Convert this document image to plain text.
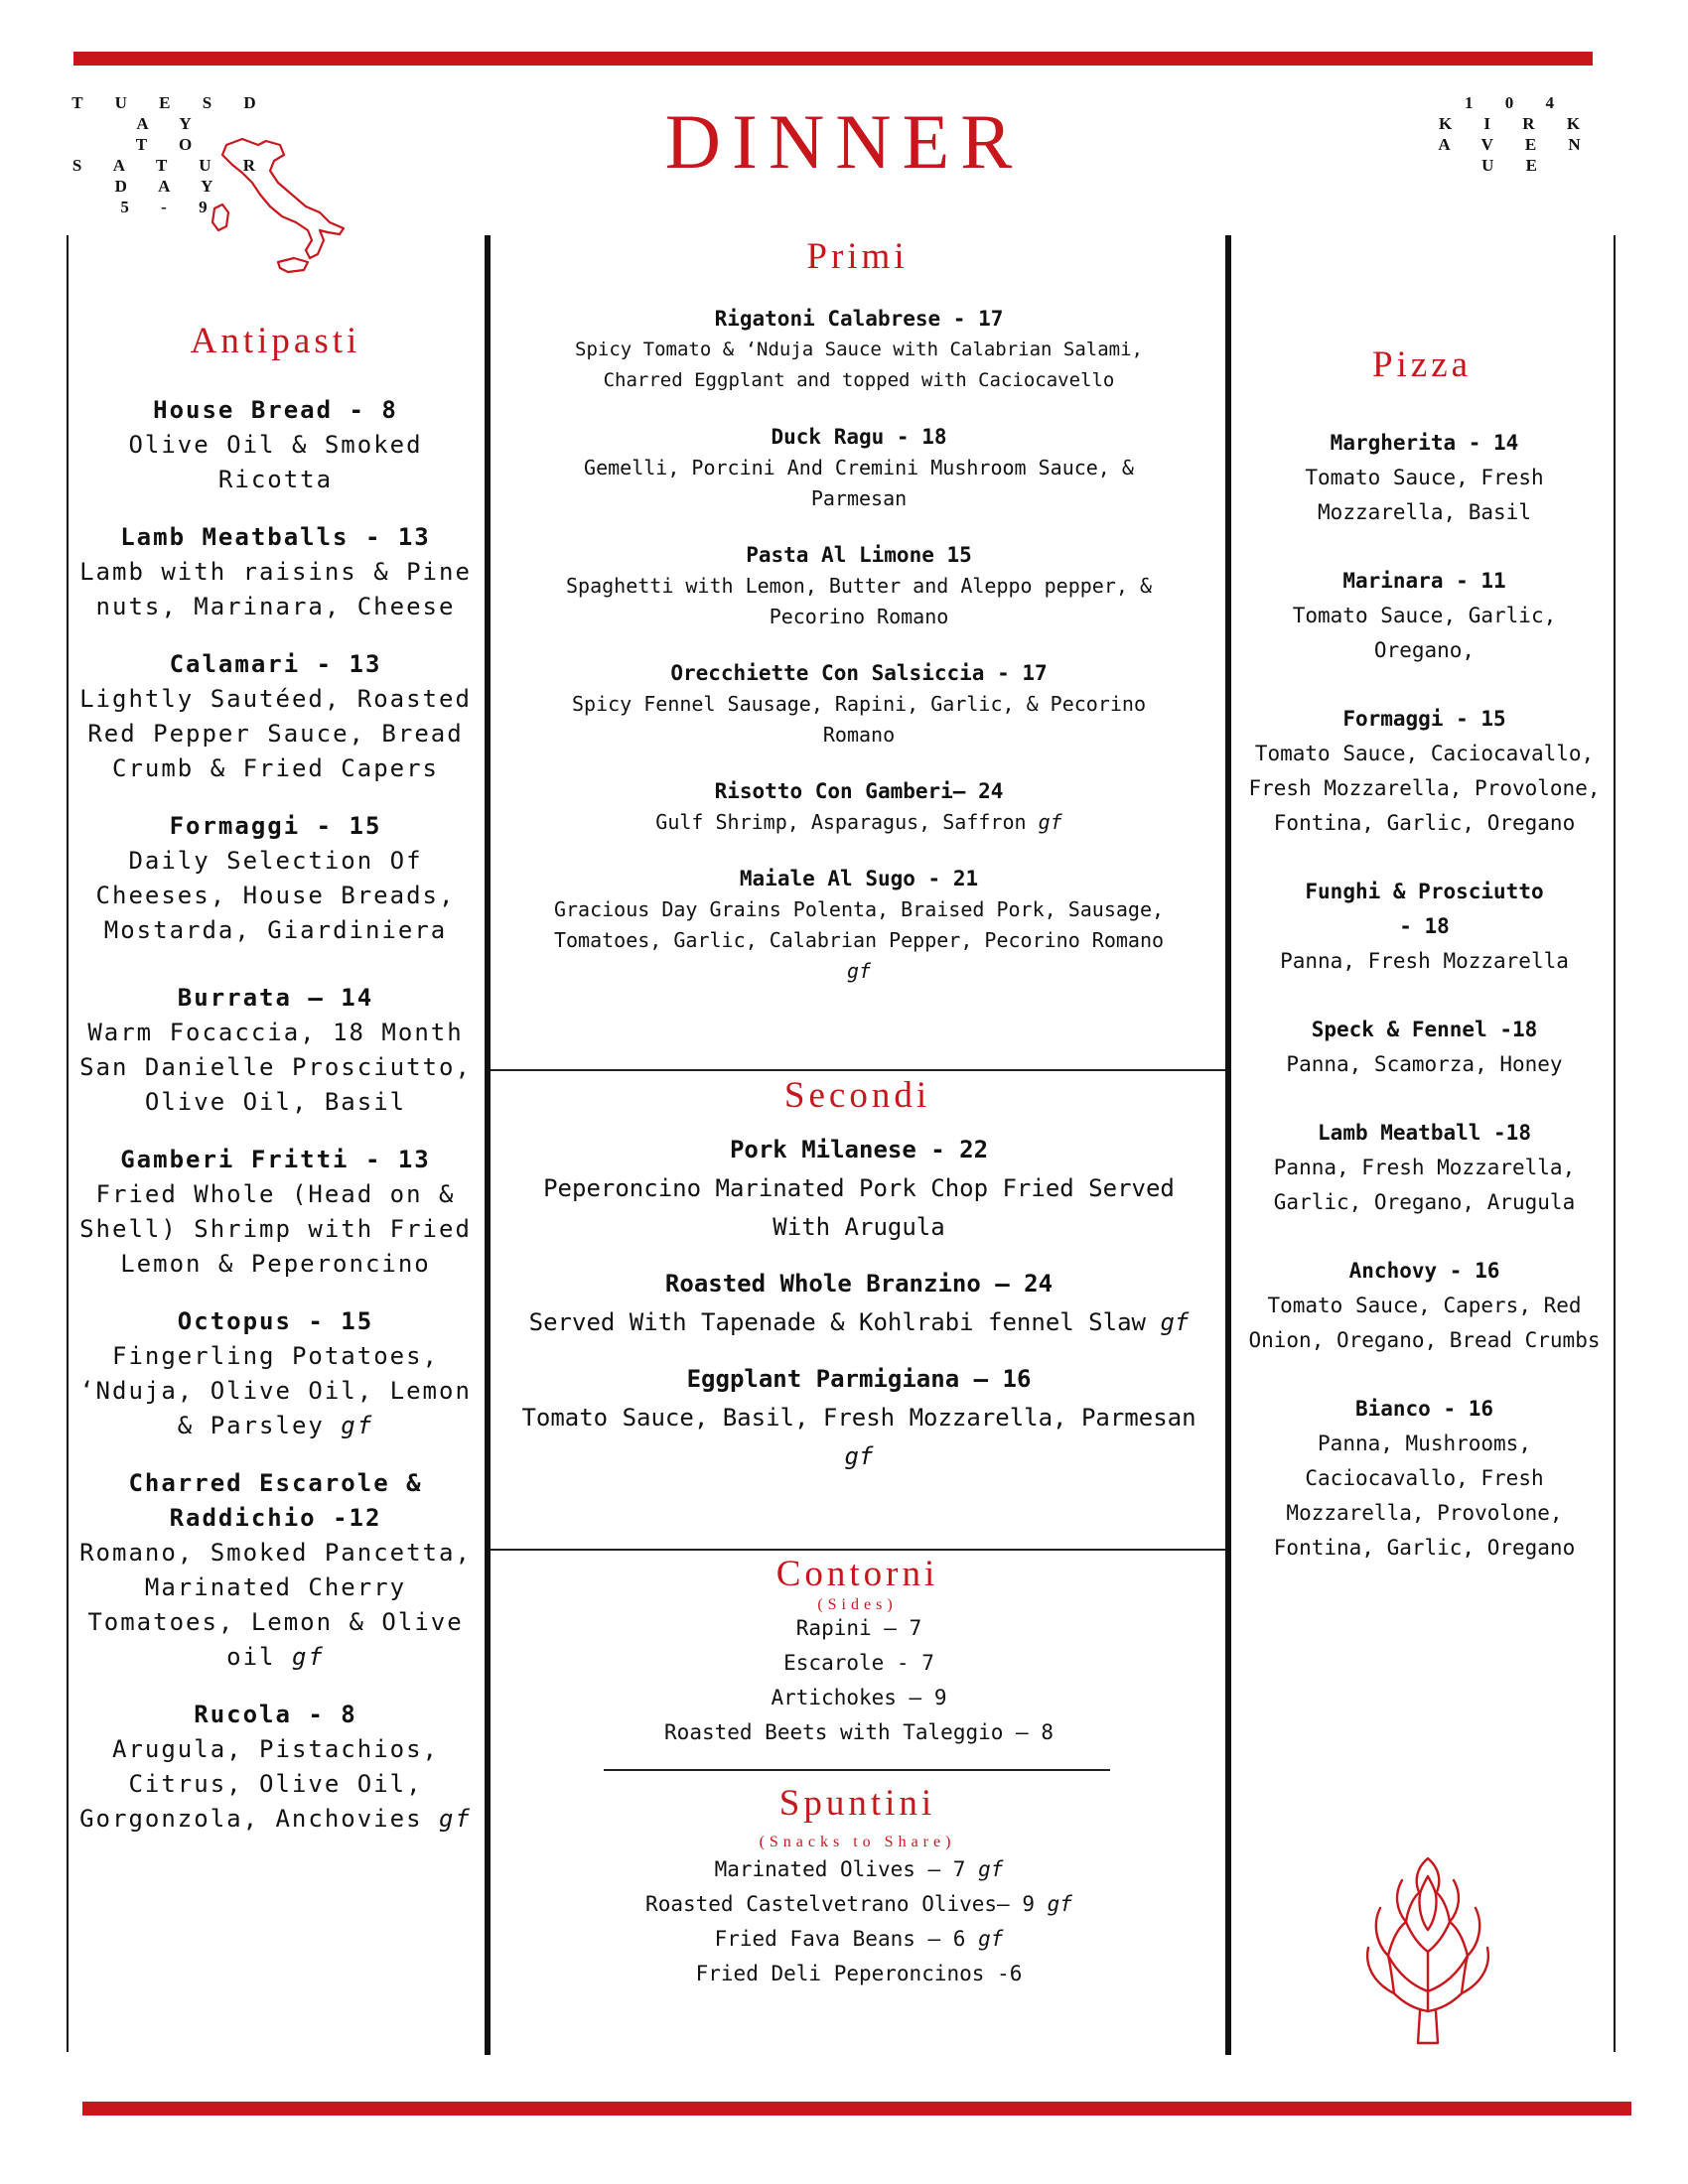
T U E S D A Y
T O
S A T U R D A Y
5 - 9
DINNER	1 0 4
K I R K
A V E N U E
Antipasti
House Bread - 8
Olive Oil & Smoked Ricotta
Lamb Meatballs - 13
Lamb with raisins & Pine nuts, Marinara, Cheese
Calamari - 13
Lightly Sautéed, Roasted Red Pepper Sauce, Bread Crumb & Fried Capers
Formaggi - 15
Daily Selection Of Cheeses, House Breads, Mostarda, Giardiniera
Burrata – 14
Warm Focaccia, 18 Month San Danielle Prosciutto, Olive Oil, Basil
Gamberi Fritti - 13
Fried Whole (Head on & Shell) Shrimp with Fried Lemon & Peperoncino
Octopus - 15
Fingerling Potatoes, ‘Nduja, Olive Oil, Lemon & Parsley gf
Charred Escarole & Raddichio -12
Romano, Smoked Pancetta, Marinated Cherry Tomatoes, Lemon & Olive oil gf
Rucola - 8
Arugula, Pistachios, Citrus, Olive Oil, Gorgonzola, Anchovies gf
Primi
Rigatoni Calabrese - 17
Spicy Tomato & ‘Nduja Sauce with Calabrian Salami, Charred Eggplant and topped with Caciocavello
Duck Ragu - 18
Gemelli, Porcini And Cremini Mushroom Sauce, & Parmesan
Pasta Al Limone 15
Spaghetti with Lemon, Butter and Aleppo pepper, & Pecorino Romano
Orecchiette Con Salsiccia - 17
Spicy Fennel Sausage, Rapini, Garlic, & Pecorino Romano
Risotto Con Gamberi– 24
Gulf Shrimp, Asparagus, Saffron gf
Maiale Al Sugo - 21
Gracious Day Grains Polenta, Braised Pork, Sausage, Tomatoes, Garlic, Calabrian Pepper, Pecorino Romano gf
Secondi
Pork Milanese - 22
Peperoncino Marinated Pork Chop Fried Served With Arugula
Roasted Whole Branzino – 24
Served With Tapenade & Kohlrabi fennel Slaw gf
Eggplant Parmigiana – 16
Tomato Sauce, Basil, Fresh Mozzarella, Parmesan gf
Contorni
(Sides)
Rapini – 7
Escarole - 7
Artichokes – 9
Roasted Beets with Taleggio – 8
Spuntini
(Snacks to Share)
Marinated Olives – 7 gf
Roasted Castelvetrano Olives– 9 gf
Fried Fava Beans – 6 gf
Fried Deli Peperoncinos -6
Pizza
Margherita - 14
Tomato Sauce, Fresh Mozzarella, Basil
Marinara - 11
Tomato Sauce, Garlic, Oregano,
Formaggi - 15
Tomato Sauce, Caciocavallo, Fresh Mozzarella, Provolone, Fontina, Garlic, Oregano
Funghi & Prosciutto - 18
Panna, Fresh Mozzarella
Speck & Fennel -18
Panna, Scamorza, Honey
Lamb Meatball -18
Panna, Fresh Mozzarella, Garlic, Oregano, Arugula
Anchovy - 16
Tomato Sauce, Capers, Red Onion, Oregano, Bread Crumbs
Bianco - 16
Panna, Mushrooms, Caciocavallo, Fresh Mozzarella, Provolone, Fontina, Garlic, Oregano
